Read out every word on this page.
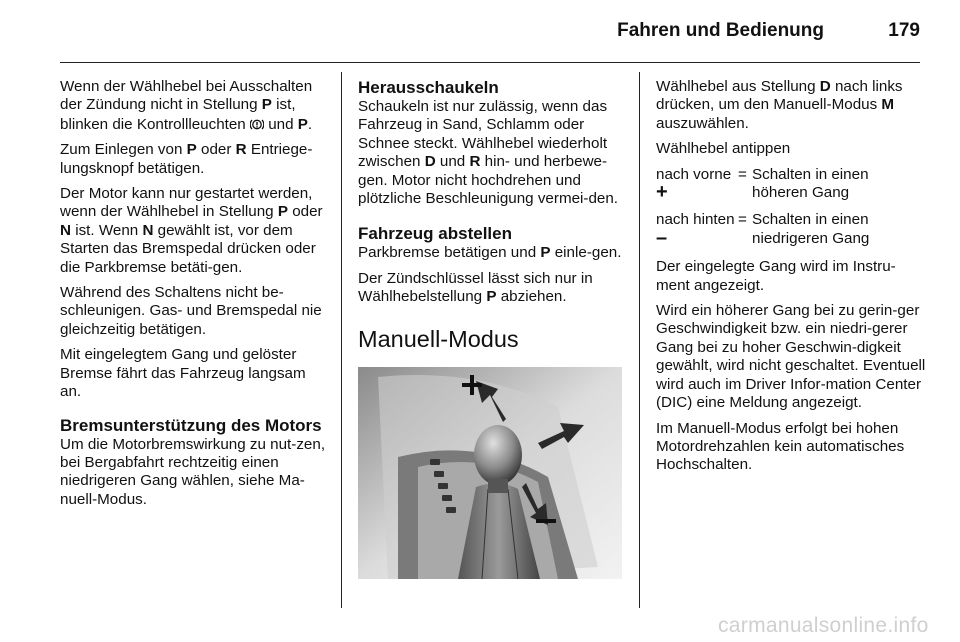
Fahren und Bedienung	179

Wenn der Wählhebel bei Ausschalten der Zündung nicht in Stellung P ist, blinken die Kontrollleuchten  und P.

Zum Einlegen von P oder R Entriege-lungsknopf betätigen.

Der Motor kann nur gestartet werden, wenn der Wählhebel in Stellung P oder N ist. Wenn N gewählt ist, vor dem Starten das Bremspedal drücken oder die Parkbremse betäti-gen.

Während des Schaltens nicht be-schleunigen. Gas- und Bremspedal nie gleichzeitig betätigen.

Mit eingelegtem Gang und gelöster Bremse fährt das Fahrzeug langsam an.

Bremsunterstützung des Motors

Um die Motorbremswirkung zu nut-zen, bei Bergabfahrt rechtzeitig einen niedrigeren Gang wählen, siehe Ma-nuell-Modus.

Herausschaukeln

Schaukeln ist nur zulässig, wenn das Fahrzeug in Sand, Schlamm oder Schnee steckt. Wählhebel wiederholt zwischen D und R hin- und herbewe-gen. Motor nicht hochdrehen und plötzliche Beschleunigung vermei-den.

Fahrzeug abstellen

Parkbremse betätigen und P einle-gen.

Der Zündschlüssel lässt sich nur in Wählhebelstellung P abziehen.

Manuell-Modus

Wählhebel aus Stellung D nach links drücken, um den Manuell-Modus M auszuwählen.

Wählhebel antippen

nach vorne
+
= Schalten in einen höheren Gang
nach hinten
–
= Schalten in einen niedrigeren Gang

Der eingelegte Gang wird im Instru-ment angezeigt.

Wird ein höherer Gang bei zu gerin-ger Geschwindigkeit bzw. ein niedri-gerer Gang bei zu hoher Geschwin-digkeit gewählt, wird nicht geschaltet. Eventuell wird auch im Driver Infor-mation Center (DIC) eine Meldung angezeigt.

Im Manuell-Modus erfolgt bei hohen Motordrehzahlen kein automatisches Hochschalten.

carmanualsonline.info
